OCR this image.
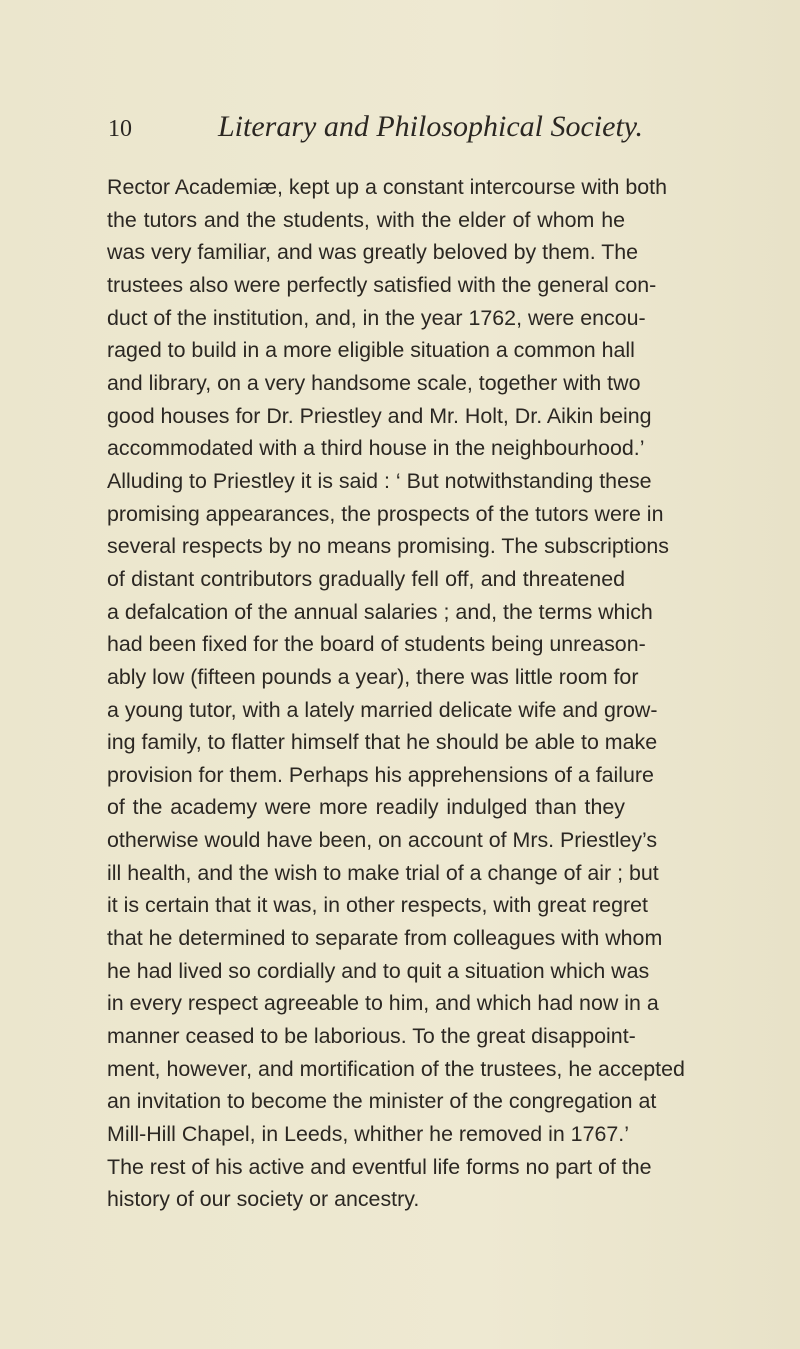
10	Literary and Philosophical Society.
Rector Academiæ, kept up a constant intercourse with both
the tutors and the students, with the elder of whom he
was very familiar, and was greatly beloved by them. The
trustees also were perfectly satisfied with the general con-
duct of the institution, and, in the year 1762, were encou-
raged to build in a more eligible situation a common hall
and library, on a very handsome scale, together with two
good houses for Dr. Priestley and Mr. Holt, Dr. Aikin being
accommodated with a third house in the neighbourhood.’
Alluding to Priestley it is said : ‘ But notwithstanding these
promising appearances, the prospects of the tutors were in
several respects by no means promising. The subscriptions
of distant contributors gradually fell off, and threatened
a defalcation of the annual salaries ; and, the terms which
had been fixed for the board of students being unreason-
ably low (fifteen pounds a year), there was little room for
a young tutor, with a lately married delicate wife and grow-
ing family, to flatter himself that he should be able to make
provision for them. Perhaps his apprehensions of a failure
of the academy were more readily indulged than they
otherwise would have been, on account of Mrs. Priestley’s
ill health, and the wish to make trial of a change of air ; but
it is certain that it was, in other respects, with great regret
that he determined to separate from colleagues with whom
he had lived so cordially and to quit a situation which was
in every respect agreeable to him, and which had now in a
manner ceased to be laborious. To the great disappoint-
ment, however, and mortification of the trustees, he accepted
an invitation to become the minister of the congregation at
Mill-Hill Chapel, in Leeds, whither he removed in 1767.’
The rest of his active and eventful life forms no part of the
history of our society or ancestry.
